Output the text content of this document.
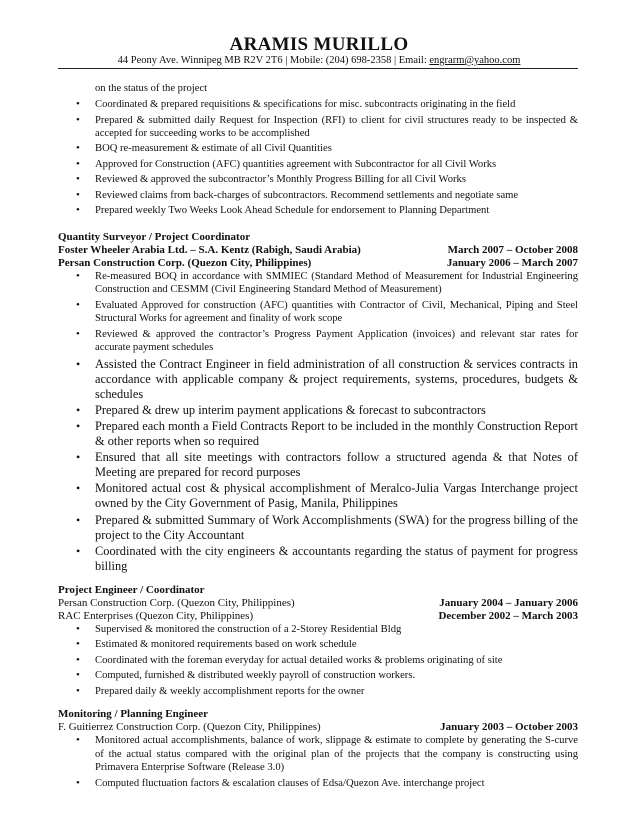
ARAMIS MURILLO
44 Peony Ave. Winnipeg MB R2V 2T6 | Mobile: (204) 698-2358 | Email: engrarm@yahoo.com
on the status of the project
• Coordinated & prepared requisitions & specifications for misc. subcontracts originating in the field
• Prepared & submitted daily Request for Inspection (RFI) to client for civil structures ready to be inspected & accepted for succeeding works to be accomplished
• BOQ re-measurement & estimate of all Civil Quantities
• Approved for Construction (AFC) quantities agreement with Subcontractor for all Civil Works
• Reviewed & approved the subcontractor’s Monthly Progress Billing for all Civil Works
• Reviewed claims from back-charges of subcontractors. Recommend settlements and negotiate same
• Prepared weekly Two Weeks Look Ahead Schedule for endorsement to Planning Department
Quantity Surveyor / Project Coordinator
Foster Wheeler Arabia Ltd. – S.A. Kentz (Rabigh, Saudi Arabia)	March 2007 – October 2008
Persan Construction Corp. (Quezon City, Philippines)	January 2006 – March 2007
• Re-measured BOQ in accordance with SMMIEC (Standard Method of Measurement for Industrial Engineering Construction and CESMM (Civil Engineering Standard Method of Measurement)
• Evaluated Approved for construction (AFC) quantities with Contractor of Civil, Mechanical, Piping and Steel Structural Works for agreement and finality of work scope
• Reviewed & approved the contractor’s Progress Payment Application (invoices) and relevant star rates for accurate payment schedules
• Assisted the Contract Engineer in field administration of all construction & services contracts in accordance with applicable company & project requirements, systems, procedures, budgets & schedules
• Prepared & drew up interim payment applications & forecast to subcontractors
• Prepared each month a Field Contracts Report to be included in the monthly Construction Report & other reports when so required
• Ensured that all site meetings with contractors follow a structured agenda & that Notes of Meeting are prepared for record purposes
• Monitored actual cost & physical accomplishment of Meralco-Julia Vargas Interchange project owned by the City Government of Pasig, Manila, Philippines
• Prepared & submitted Summary of Work Accomplishments (SWA) for the progress billing of the project to the City Accountant
• Coordinated with the city engineers & accountants regarding the status of payment for progress billing
Project Engineer / Coordinator
Persan Construction Corp. (Quezon City, Philippines)	January 2004 – January 2006
RAC Enterprises (Quezon City, Philippines)	December 2002 – March 2003
• Supervised & monitored the construction of a 2-Storey Residential Bldg
• Estimated & monitored requirements based on work schedule
• Coordinated with the foreman everyday for actual detailed works & problems originating of site
• Computed, furnished & distributed weekly payroll of construction workers.
• Prepared daily & weekly accomplishment reports for the owner
Monitoring / Planning Engineer
F. Guitierrez Construction Corp. (Quezon City, Philippines)	January 2003 – October 2003
• Monitored actual accomplishments, balance of work, slippage & estimate to complete by generating the S-curve of the actual status compared with the original plan of the projects that the company is constructing using Primavera Enterprise Software (Release 3.0)
• Computed fluctuation factors & escalation clauses of Edsa/Quezon Ave. interchange project
